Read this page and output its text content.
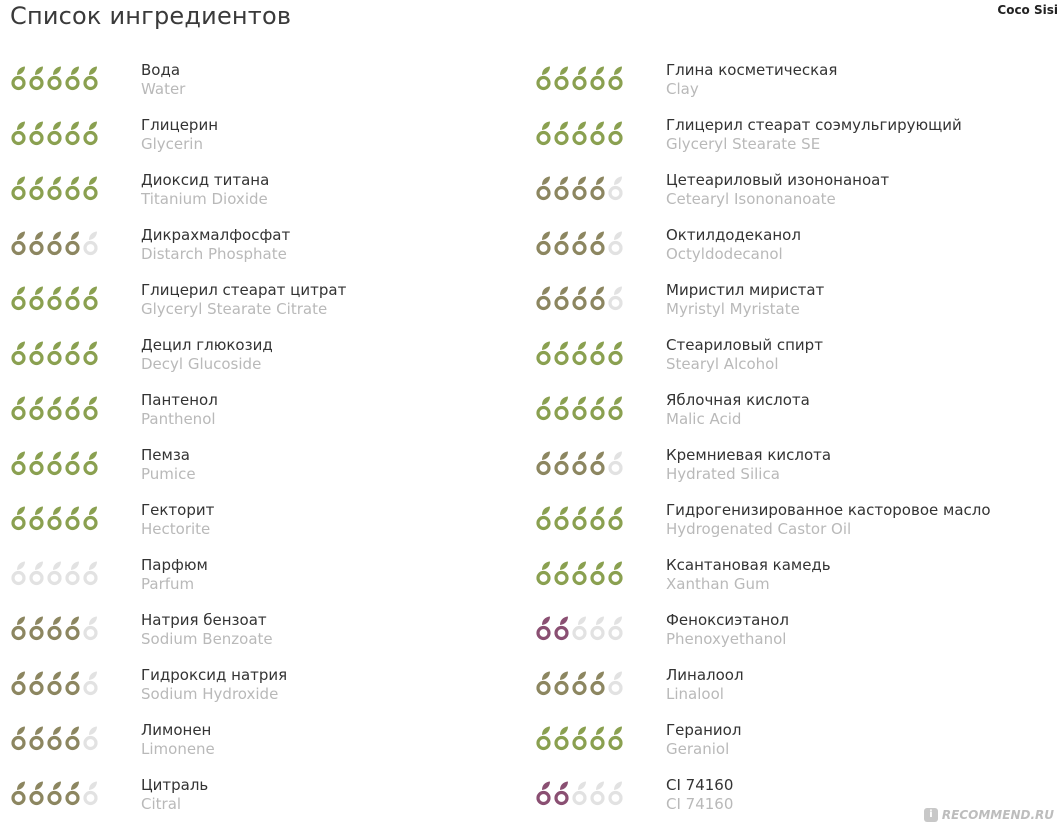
Список ингредиентов	Coco Sisi
Вода
Water
Глицерин
Glycerin
Диоксид титана
Titanium Dioxide
Дикрахмалфосфат
Distarch Phosphate
Глицерил стеарат цитрат
Glyceryl Stearate Citrate
Децил глюкозид
Decyl Glucoside
Пантенол
Panthenol
Пемза
Pumice
Гекторит
Hectorite
Парфюм
Parfum
Натрия бензоат
Sodium Benzoate
Гидроксид натрия
Sodium Hydroxide
Лимонен
Limonene
Цитраль
Citral
Глина косметическая
Clay
Глицерил стеарат соэмульгирующий
Glyceryl Stearate SE
Цетеариловый изононаноат
Cetearyl Isononanoate
Октилдодеканол
Octyldodecanol
Миристил миристат
Myristyl Myristate
Стеариловый спирт
Stearyl Alcohol
Яблочная кислота
Malic Acid
Кремниевая кислота
Hydrated Silica
Гидрогенизированное касторовое масло
Hydrogenated Castor Oil
Ксантановая камедь
Xanthan Gum
Феноксиэтанол
Phenoxyethanol
Линалоол
Linalool
Гераниол
Geraniol
CI 74160
CI 74160
i RECOMMEND.RU
